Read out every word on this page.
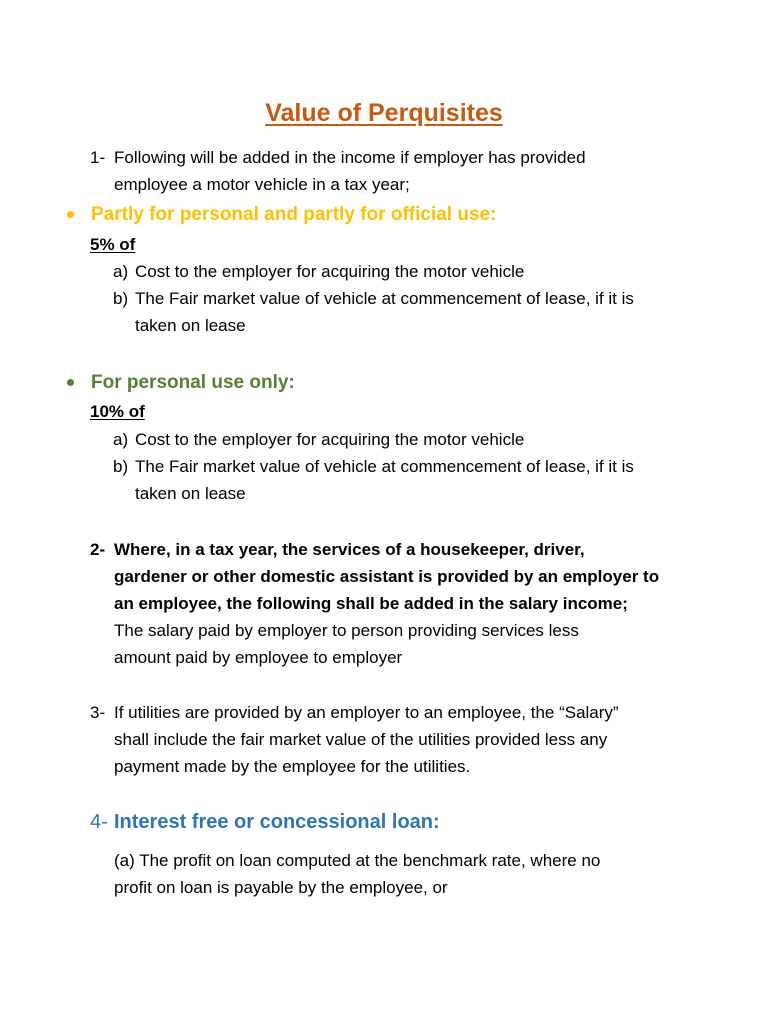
Value of Perquisites
1- Following will be added in the income if employer has provided
employee a motor vehicle in a tax year;
Partly for personal and partly for official use:
5% of
a) Cost to the employer for acquiring the motor vehicle
b) The Fair market value of vehicle at commencement of lease, if it is
taken on lease
For personal use only:
10% of
a) Cost to the employer for acquiring the motor vehicle
b) The Fair market value of vehicle at commencement of lease, if it is
taken on lease
2- Where, in a tax year, the services of a housekeeper, driver,
gardener or other domestic assistant is provided by an employer to
an employee, the following shall be added in the salary income;
The salary paid by employer to person providing services less
amount paid by employee to employer
3- If utilities are provided by an employer to an employee, the “Salary”
shall include the fair market value of the utilities provided less any
payment made by the employee for the utilities.
4- Interest free or concessional loan:
(a) The profit on loan computed at the benchmark rate, where no
profit on loan is payable by the employee, or
